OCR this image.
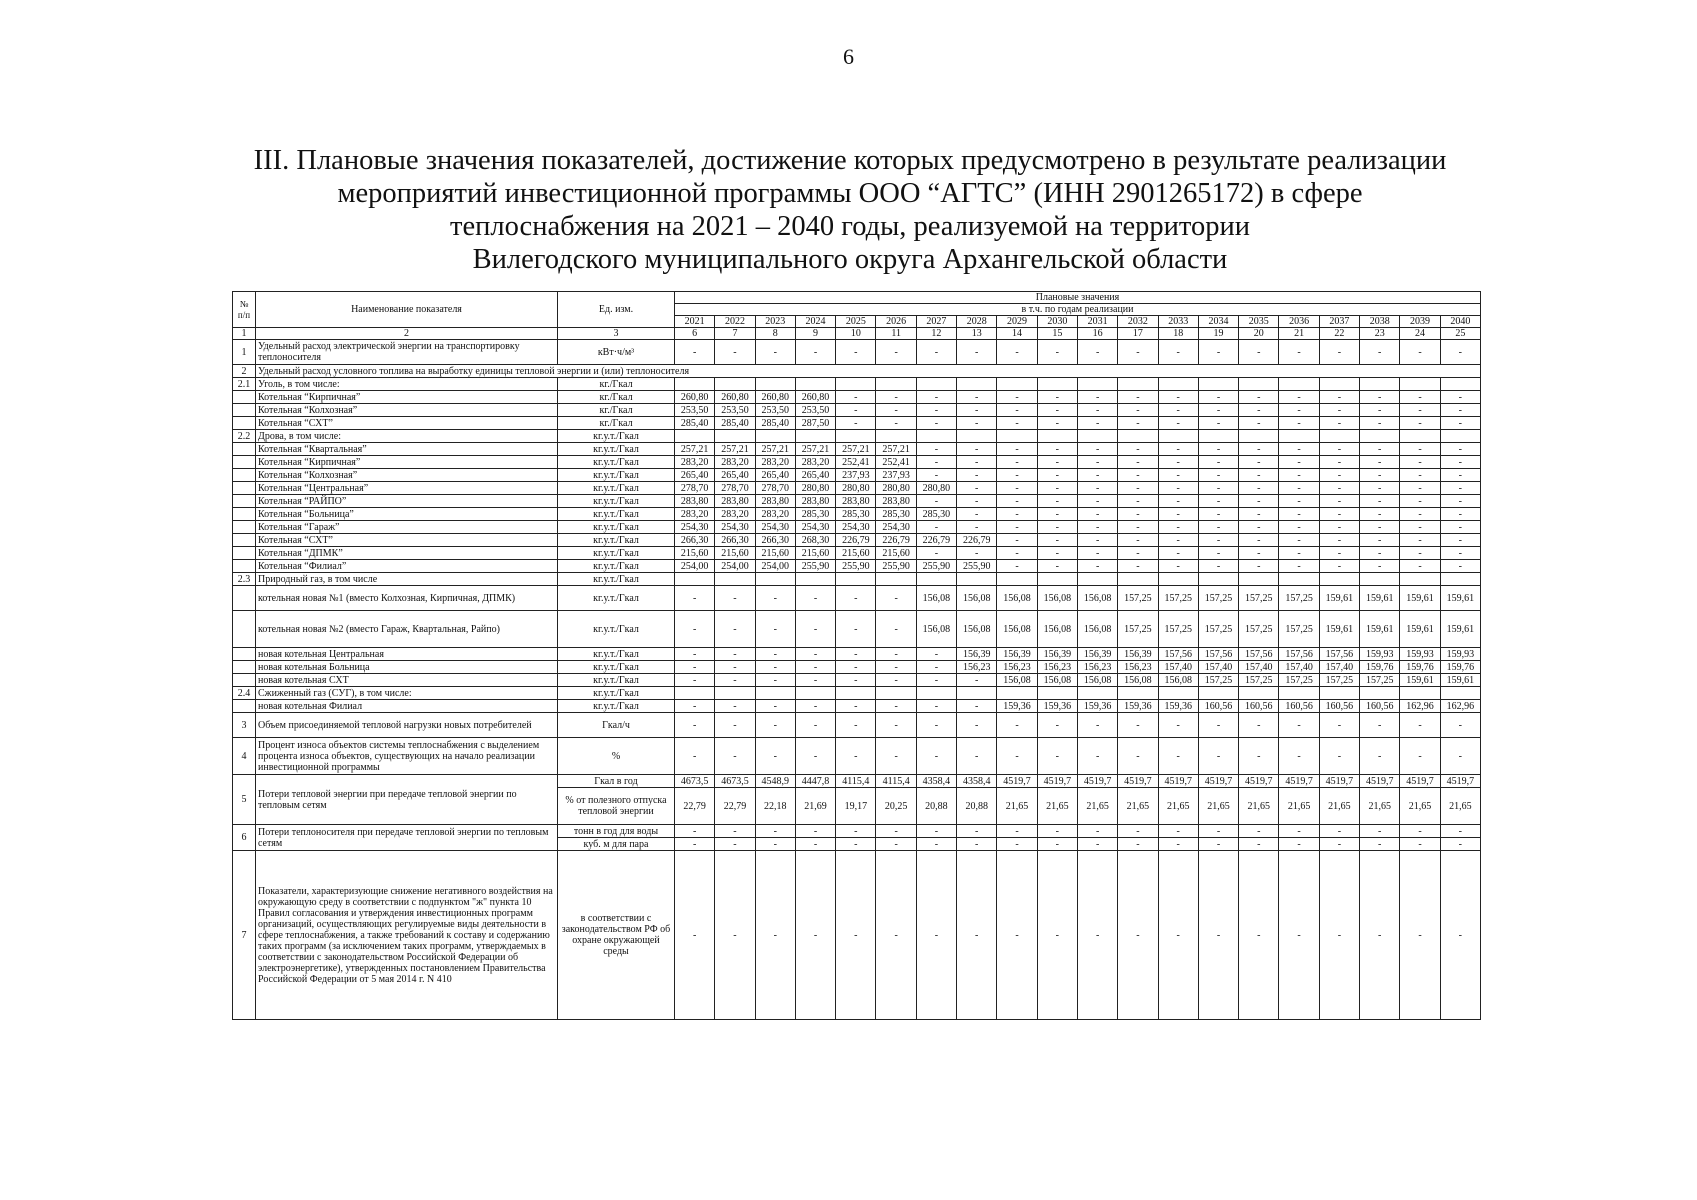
6
III. Плановые значения показателей, достижение которых предусмотрено в результате реализации
мероприятий инвестиционной программы ООО “АГТС” (ИНН 2901265172) в сфере
теплоснабжения на 2021 – 2040 годы, реализуемой на территории
Вилегодского муниципального округа Архангельской области
№ п/п	Наименование показателя	Ед. изм.	Плановые значения																			
			в т.ч. по годам реализации																			
			2021	2022	2023	2024	2025	2026	2027	2028	2029	2030	2031	2032	2033	2034	2035	2036	2037	2038	2039	2040
1	2	3	6	7	8	9	10	11	12	13	14	15	16	17	18	19	20	21	22	23	24	25
1	Удельный расход электрической энергии на транспортировку теплоносителя	кВт·ч/м³	-	-	-	-	-	-	-	-	-	-	-	-	-	-	-	-	-	-	-	-
2	Удельный расход условного топлива на выработку единицы тепловой энергии и (или) теплоносителя																					
2.1	Уголь, в том числе:	кг./Гкал																				
	Котельная “Кирпичная”	кг./Гкал	260,80	260,80	260,80	260,80	-	-	-	-	-	-	-	-	-	-	-	-	-	-	-	-
	Котельная “Колхозная”	кг./Гкал	253,50	253,50	253,50	253,50	-	-	-	-	-	-	-	-	-	-	-	-	-	-	-	-
	Котельная “СХТ”	кг./Гкал	285,40	285,40	285,40	287,50	-	-	-	-	-	-	-	-	-	-	-	-	-	-	-	-
2.2	Дрова, в том числе:	кг.у.т./Гкал																				
	Котельная “Квартальная”	кг.у.т./Гкал	257,21	257,21	257,21	257,21	257,21	257,21	-	-	-	-	-	-	-	-	-	-	-	-	-	-
	Котельная “Кирпичная”	кг.у.т./Гкал	283,20	283,20	283,20	283,20	252,41	252,41	-	-	-	-	-	-	-	-	-	-	-	-	-	-
	Котельная “Колхозная”	кг.у.т./Гкал	265,40	265,40	265,40	265,40	237,93	237,93	-	-	-	-	-	-	-	-	-	-	-	-	-	-
	Котельная “Центральная”	кг.у.т./Гкал	278,70	278,70	278,70	280,80	280,80	280,80	280,80	-	-	-	-	-	-	-	-	-	-	-	-	-
	Котельная “РАЙПО”	кг.у.т./Гкал	283,80	283,80	283,80	283,80	283,80	283,80	-	-	-	-	-	-	-	-	-	-	-	-	-	-
	Котельная “Больница”	кг.у.т./Гкал	283,20	283,20	283,20	285,30	285,30	285,30	285,30	-	-	-	-	-	-	-	-	-	-	-	-	-
	Котельная “Гараж”	кг.у.т./Гкал	254,30	254,30	254,30	254,30	254,30	254,30	-	-	-	-	-	-	-	-	-	-	-	-	-	-
	Котельная “СХТ”	кг.у.т./Гкал	266,30	266,30	266,30	268,30	226,79	226,79	226,79	226,79	-	-	-	-	-	-	-	-	-	-	-	-
	Котельная “ДПМК”	кг.у.т./Гкал	215,60	215,60	215,60	215,60	215,60	215,60	-	-	-	-	-	-	-	-	-	-	-	-	-	-
	Котельная “Филиал”	кг.у.т./Гкал	254,00	254,00	254,00	255,90	255,90	255,90	255,90	255,90	-	-	-	-	-	-	-	-	-	-	-	-
2.3	Природный газ, в том числе	кг.у.т./Гкал																				
	котельная новая №1 (вместо Колхозная, Кирпичная, ДПМК)	кг.у.т./Гкал	-	-	-	-	-	-	156,08	156,08	156,08	156,08	156,08	157,25	157,25	157,25	157,25	157,25	159,61	159,61	159,61	159,61
	котельная новая №2 (вместо Гараж, Квартальная, Райпо)	кг.у.т./Гкал	-	-	-	-	-	-	156,08	156,08	156,08	156,08	156,08	157,25	157,25	157,25	157,25	157,25	159,61	159,61	159,61	159,61
	новая котельная Центральная	кг.у.т./Гкал	-	-	-	-	-	-	-	156,39	156,39	156,39	156,39	156,39	157,56	157,56	157,56	157,56	157,56	159,93	159,93	159,93
	новая котельная Больница	кг.у.т./Гкал	-	-	-	-	-	-	-	156,23	156,23	156,23	156,23	156,23	157,40	157,40	157,40	157,40	157,40	159,76	159,76	159,76
	новая котельная СХТ	кг.у.т./Гкал	-	-	-	-	-	-	-	-	156,08	156,08	156,08	156,08	156,08	157,25	157,25	157,25	157,25	157,25	159,61	159,61
2.4	Сжиженный газ (СУГ), в том числе:	кг.у.т./Гкал																				
	новая котельная Филиал	кг.у.т./Гкал	-	-	-	-	-	-	-	-	159,36	159,36	159,36	159,36	159,36	160,56	160,56	160,56	160,56	160,56	162,96	162,96
3	Объем присоединяемой тепловой нагрузки новых потребителей	Гкал/ч	-	-	-	-	-	-	-	-	-	-	-	-	-	-	-	-	-	-	-	-
4	Процент износа объектов системы теплоснабжения с выделением процента износа объектов, существующих на начало реализации инвестиционной программы	%	-	-	-	-	-	-	-	-	-	-	-	-	-	-	-	-	-	-	-	-
5	Потери тепловой энергии при передаче тепловой энергии по тепловым сетям	Гкал в год	4673,5	4673,5	4548,9	4447,8	4115,4	4115,4	4358,4	4358,4	4519,7	4519,7	4519,7	4519,7	4519,7	4519,7	4519,7	4519,7	4519,7	4519,7	4519,7	4519,7
		% от полезного отпуска тепловой энергии	22,79	22,79	22,18	21,69	19,17	20,25	20,88	20,88	21,65	21,65	21,65	21,65	21,65	21,65	21,65	21,65	21,65	21,65	21,65	21,65
6	Потери теплоносителя при передаче тепловой энергии по тепловым сетям	тонн в год для воды	-	-	-	-	-	-	-	-	-	-	-	-	-	-	-	-	-	-	-	-
		куб. м для пара	-	-	-	-	-	-	-	-	-	-	-	-	-	-	-	-	-	-	-	-
7	Показатели, характеризующие снижение негативного воздействия на окружающую среду в соответствии с подпунктом "ж" пункта 10 Правил согласования и утверждения инвестиционных программ организаций, осуществляющих регулируемые виды деятельности в сфере теплоснабжения, а также требований к составу и содержанию таких программ (за исключением таких программ, утверждаемых в соответствии с законодательством Российской Федерации об электроэнергетике), утвержденных постановлением Правительства Российской Федерации от 5 мая 2014 г. N 410	в соответствии с законодательством РФ об охране окружающей среды	-	-	-	-	-	-	-	-	-	-	-	-	-	-	-	-	-	-	-	-
